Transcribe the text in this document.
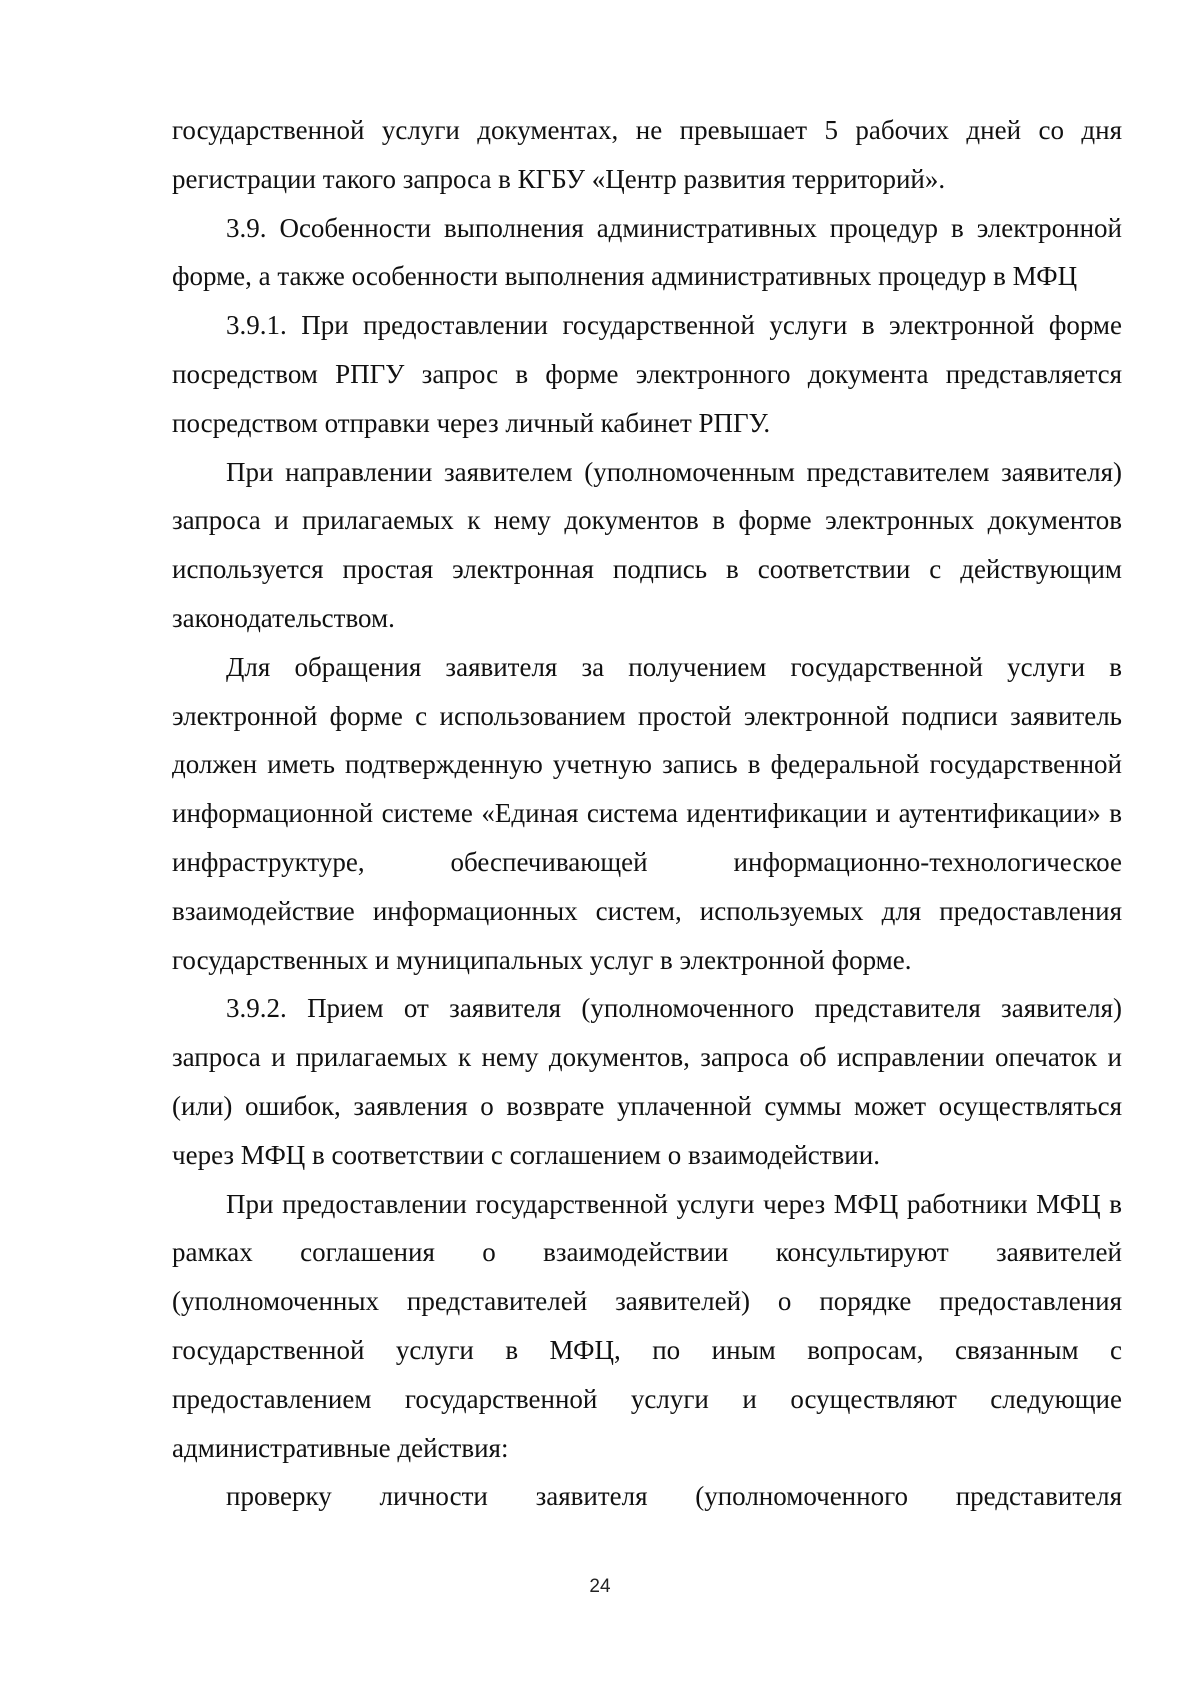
государственной услуги документах, не превышает 5 рабочих дней со дня регистрации такого запроса в КГБУ «Центр развития территорий».

3.9. Особенности выполнения административных процедур в электронной форме, а также особенности выполнения административных процедур в МФЦ

3.9.1. При предоставлении государственной услуги в электронной форме посредством РПГУ запрос в форме электронного документа представляется посредством отправки через личный кабинет РПГУ.

При направлении заявителем (уполномоченным представителем заявителя) запроса и прилагаемых к нему документов в форме электронных документов используется простая электронная подпись в соответствии с действующим законодательством.

Для обращения заявителя за получением государственной услуги в электронной форме с использованием простой электронной подписи заявитель должен иметь подтвержденную учетную запись в федеральной государственной информационной системе «Единая система идентификации и аутентификации» в инфраструктуре, обеспечивающей информационно-технологическое взаимодействие информационных систем, используемых для предоставления государственных и муниципальных услуг в электронной форме.

3.9.2. Прием от заявителя (уполномоченного представителя заявителя) запроса и прилагаемых к нему документов, запроса об исправлении опечаток и (или) ошибок, заявления о возврате уплаченной суммы может осуществляться через МФЦ в соответствии с соглашением о взаимодействии.

При предоставлении государственной услуги через МФЦ работники МФЦ в рамках соглашения о взаимодействии консультируют заявителей (уполномоченных представителей заявителей) о порядке предоставления государственной услуги в МФЦ, по иным вопросам, связанным с предоставлением государственной услуги и осуществляют следующие административные действия:

проверку личности заявителя (уполномоченного представителя

24
